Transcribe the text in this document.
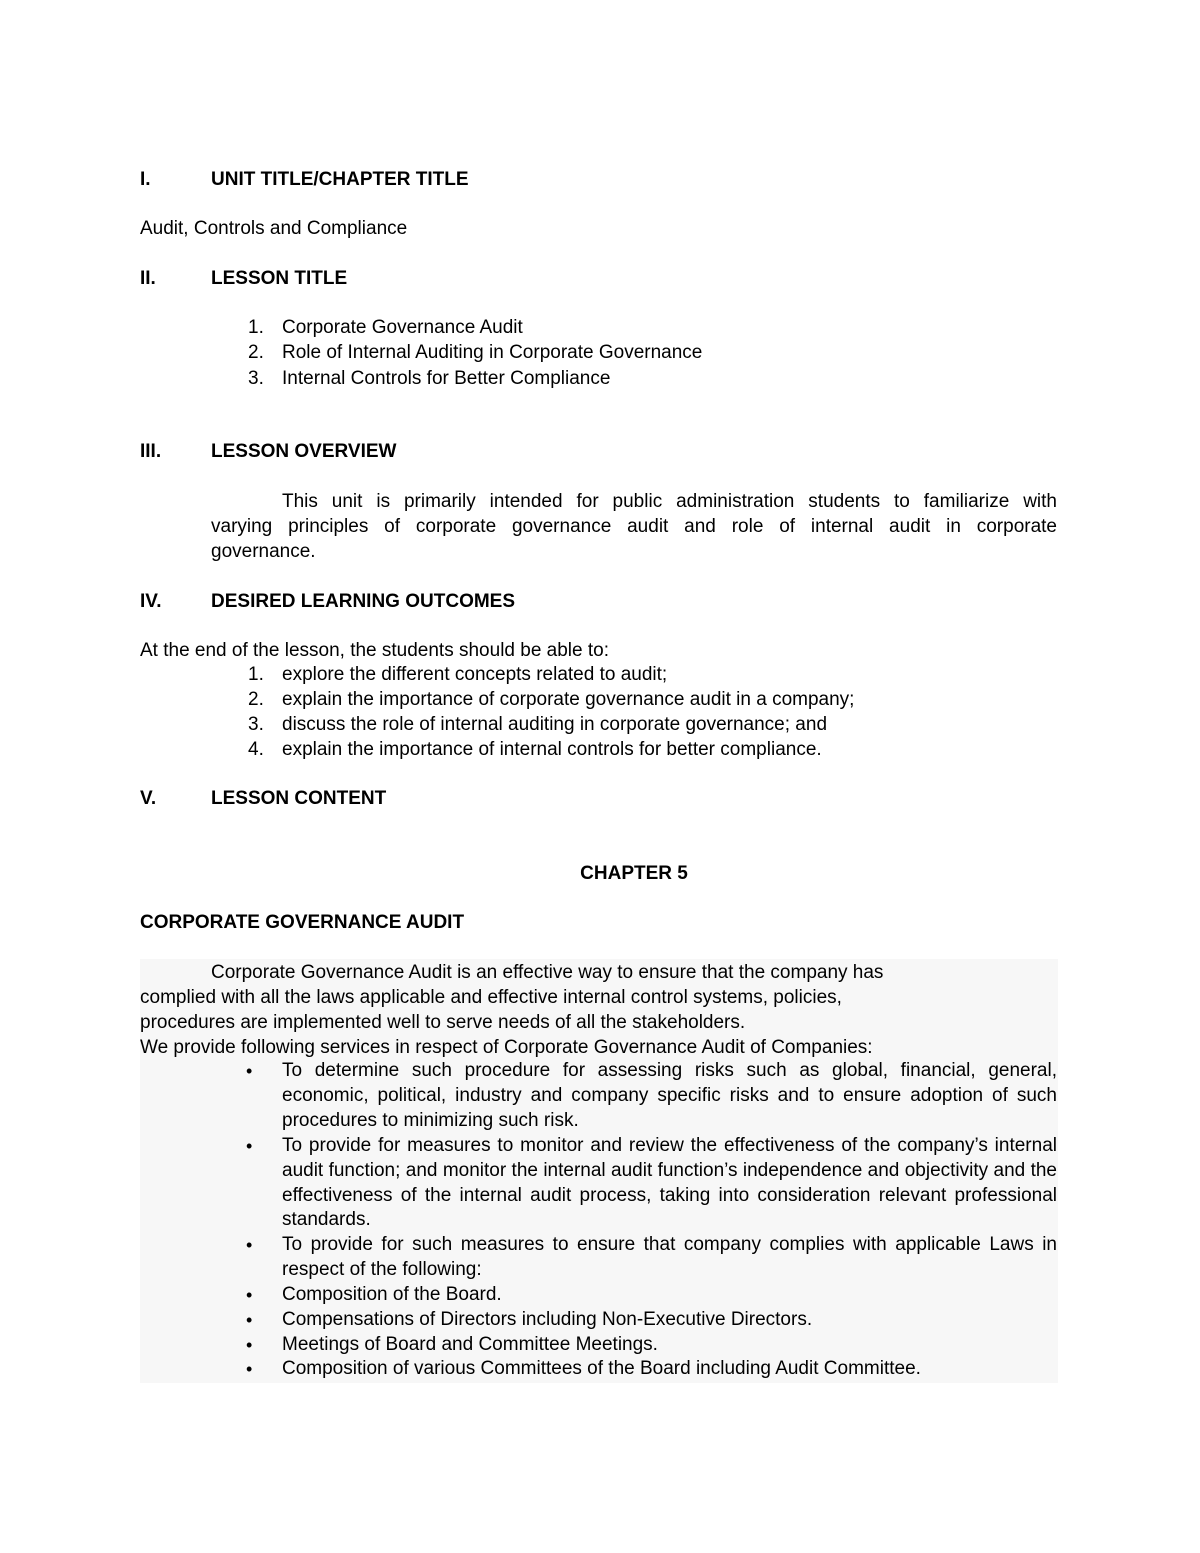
I.	UNIT TITLE/CHAPTER TITLE
Audit, Controls and Compliance
II.	LESSON TITLE
1. Corporate Governance Audit
2. Role of Internal Auditing in Corporate Governance
3. Internal Controls for Better Compliance
III.	LESSON OVERVIEW
This unit is primarily intended for public administration students to familiarize with
varying principles of corporate governance audit and role of internal audit in corporate
governance.
IV.	DESIRED LEARNING OUTCOMES
At the end of the lesson, the students should be able to:
1. explore the different concepts related to audit;
2. explain the importance of corporate governance audit in a company;
3. discuss the role of internal auditing in corporate governance; and
4. explain the importance of internal controls for better compliance.
V.	LESSON CONTENT
CHAPTER 5
CORPORATE GOVERNANCE AUDIT
Corporate Governance Audit is an effective way to ensure that the company has
complied with all the laws applicable and effective internal control systems, policies,
procedures are implemented well to serve needs of all the stakeholders.
We provide following services in respect of Corporate Governance Audit of Companies:
• To determine such procedure for assessing risks such as global, financial, general, economic, political, industry and company specific risks and to ensure adoption of such procedures to minimizing such risk.
• To provide for measures to monitor and review the effectiveness of the company’s internal audit function; and monitor the internal audit function’s independence and objectivity and the effectiveness of the internal audit process, taking into consideration relevant professional standards.
• To provide for such measures to ensure that company complies with applicable Laws in respect of the following:
• Composition of the Board.
• Compensations of Directors including Non-Executive Directors.
• Meetings of Board and Committee Meetings.
• Composition of various Committees of the Board including Audit Committee.
